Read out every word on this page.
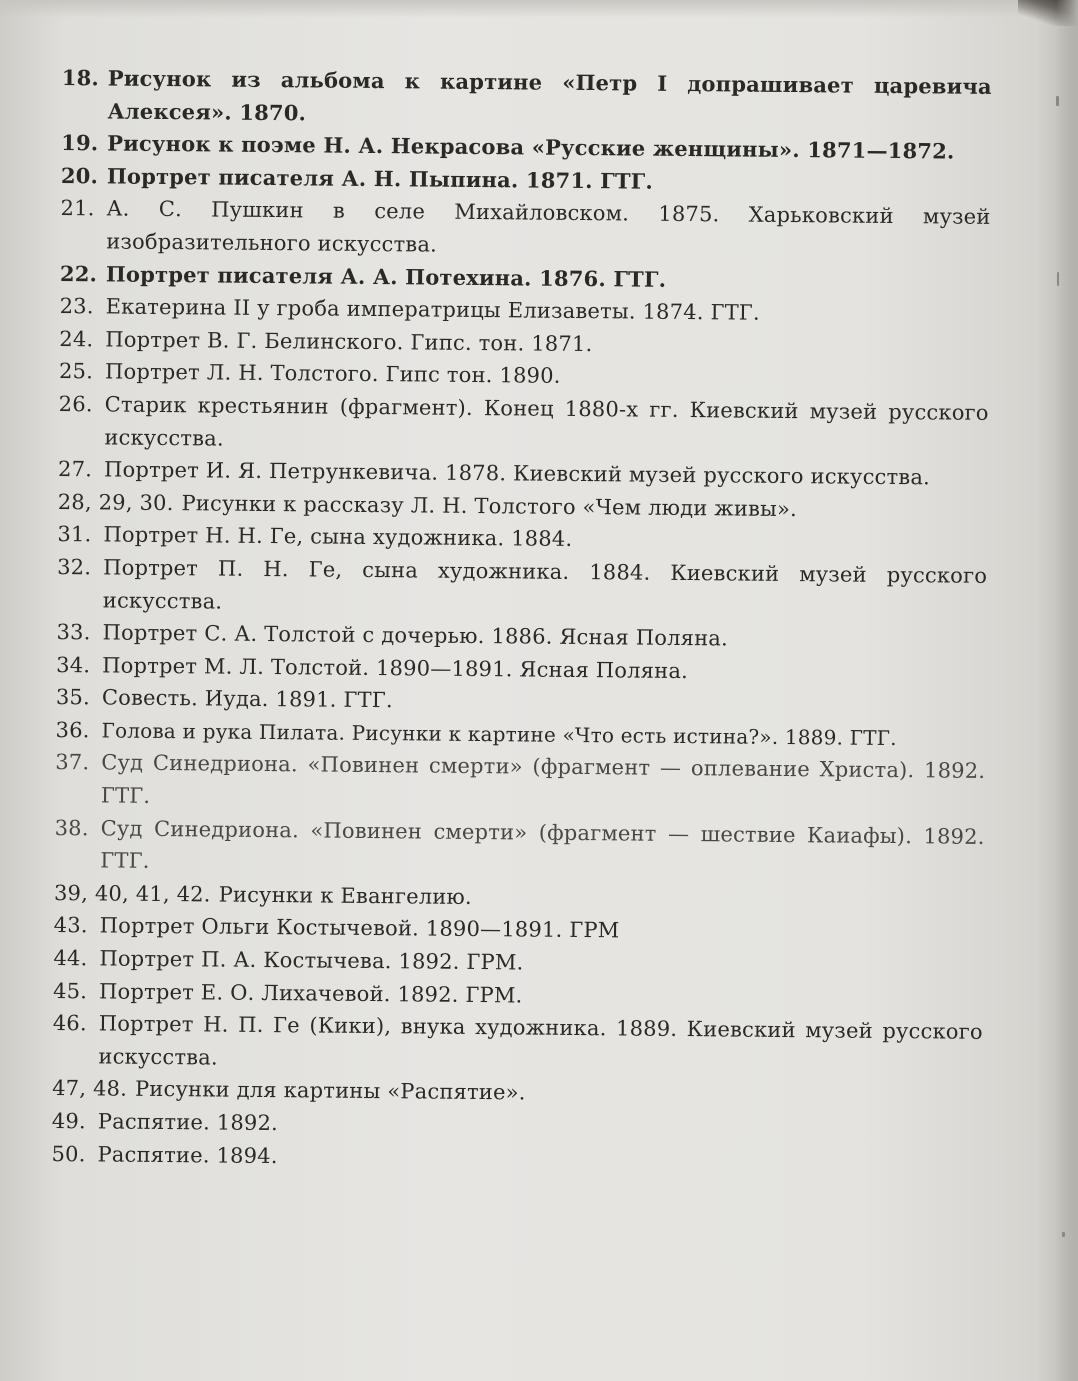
18. Рисунок из альбома к картине «Петр I допрашивает царевича Алексея». 1870.
19. Рисунок к поэме Н. А. Некрасова «Русские женщины». 1871—1872.
20. Портрет писателя А. Н. Пыпина. 1871. ГТГ.
21. А. С. Пушкин в селе Михайловском. 1875. Харьковский музей изобразительного искусства.
22. Портрет писателя А. А. Потехина. 1876. ГТГ.
23. Екатерина II у гроба императрицы Елизаветы. 1874. ГТГ.
24. Портрет В. Г. Белинского. Гипс. тон. 1871.
25. Портрет Л. Н. Толстого. Гипс тон. 1890.
26. Старик крестьянин (фрагмент). Конец 1880-х гг. Киевский музей русского искусства.
27. Портрет И. Я. Петрункевича. 1878. Киевский музей русского искусства.
28, 29, 30. Рисунки к рассказу Л. Н. Толстого «Чем люди живы».
31. Портрет Н. Н. Ге, сына художника. 1884.
32. Портрет П. Н. Ге, сына художника. 1884. Киевский музей русского искусства.
33. Портрет С. А. Толстой с дочерью. 1886. Ясная Поляна.
34. Портрет М. Л. Толстой. 1890—1891. Ясная Поляна.
35. Совесть. Иуда. 1891. ГТГ.
36. Голова и рука Пилата. Рисунки к картине «Что есть истина?». 1889. ГТГ.
37. Суд Синедриона. «Повинен смерти» (фрагмент — оплевание Христа). 1892. ГТГ.
38. Суд Синедриона. «Повинен смерти» (фрагмент — шествие Каиафы). 1892. ГТГ.
39, 40, 41, 42. Рисунки к Евангелию.
43. Портрет Ольги Костычевой. 1890—1891. ГРМ
44. Портрет П. А. Костычева. 1892. ГРМ.
45. Портрет Е. О. Лихачевой. 1892. ГРМ.
46. Портрет Н. П. Ге (Кики), внука художника. 1889. Киевский музей русского искусства.
47, 48. Рисунки для картины «Распятие».
49. Распятие. 1892.
50. Распятие. 1894.
